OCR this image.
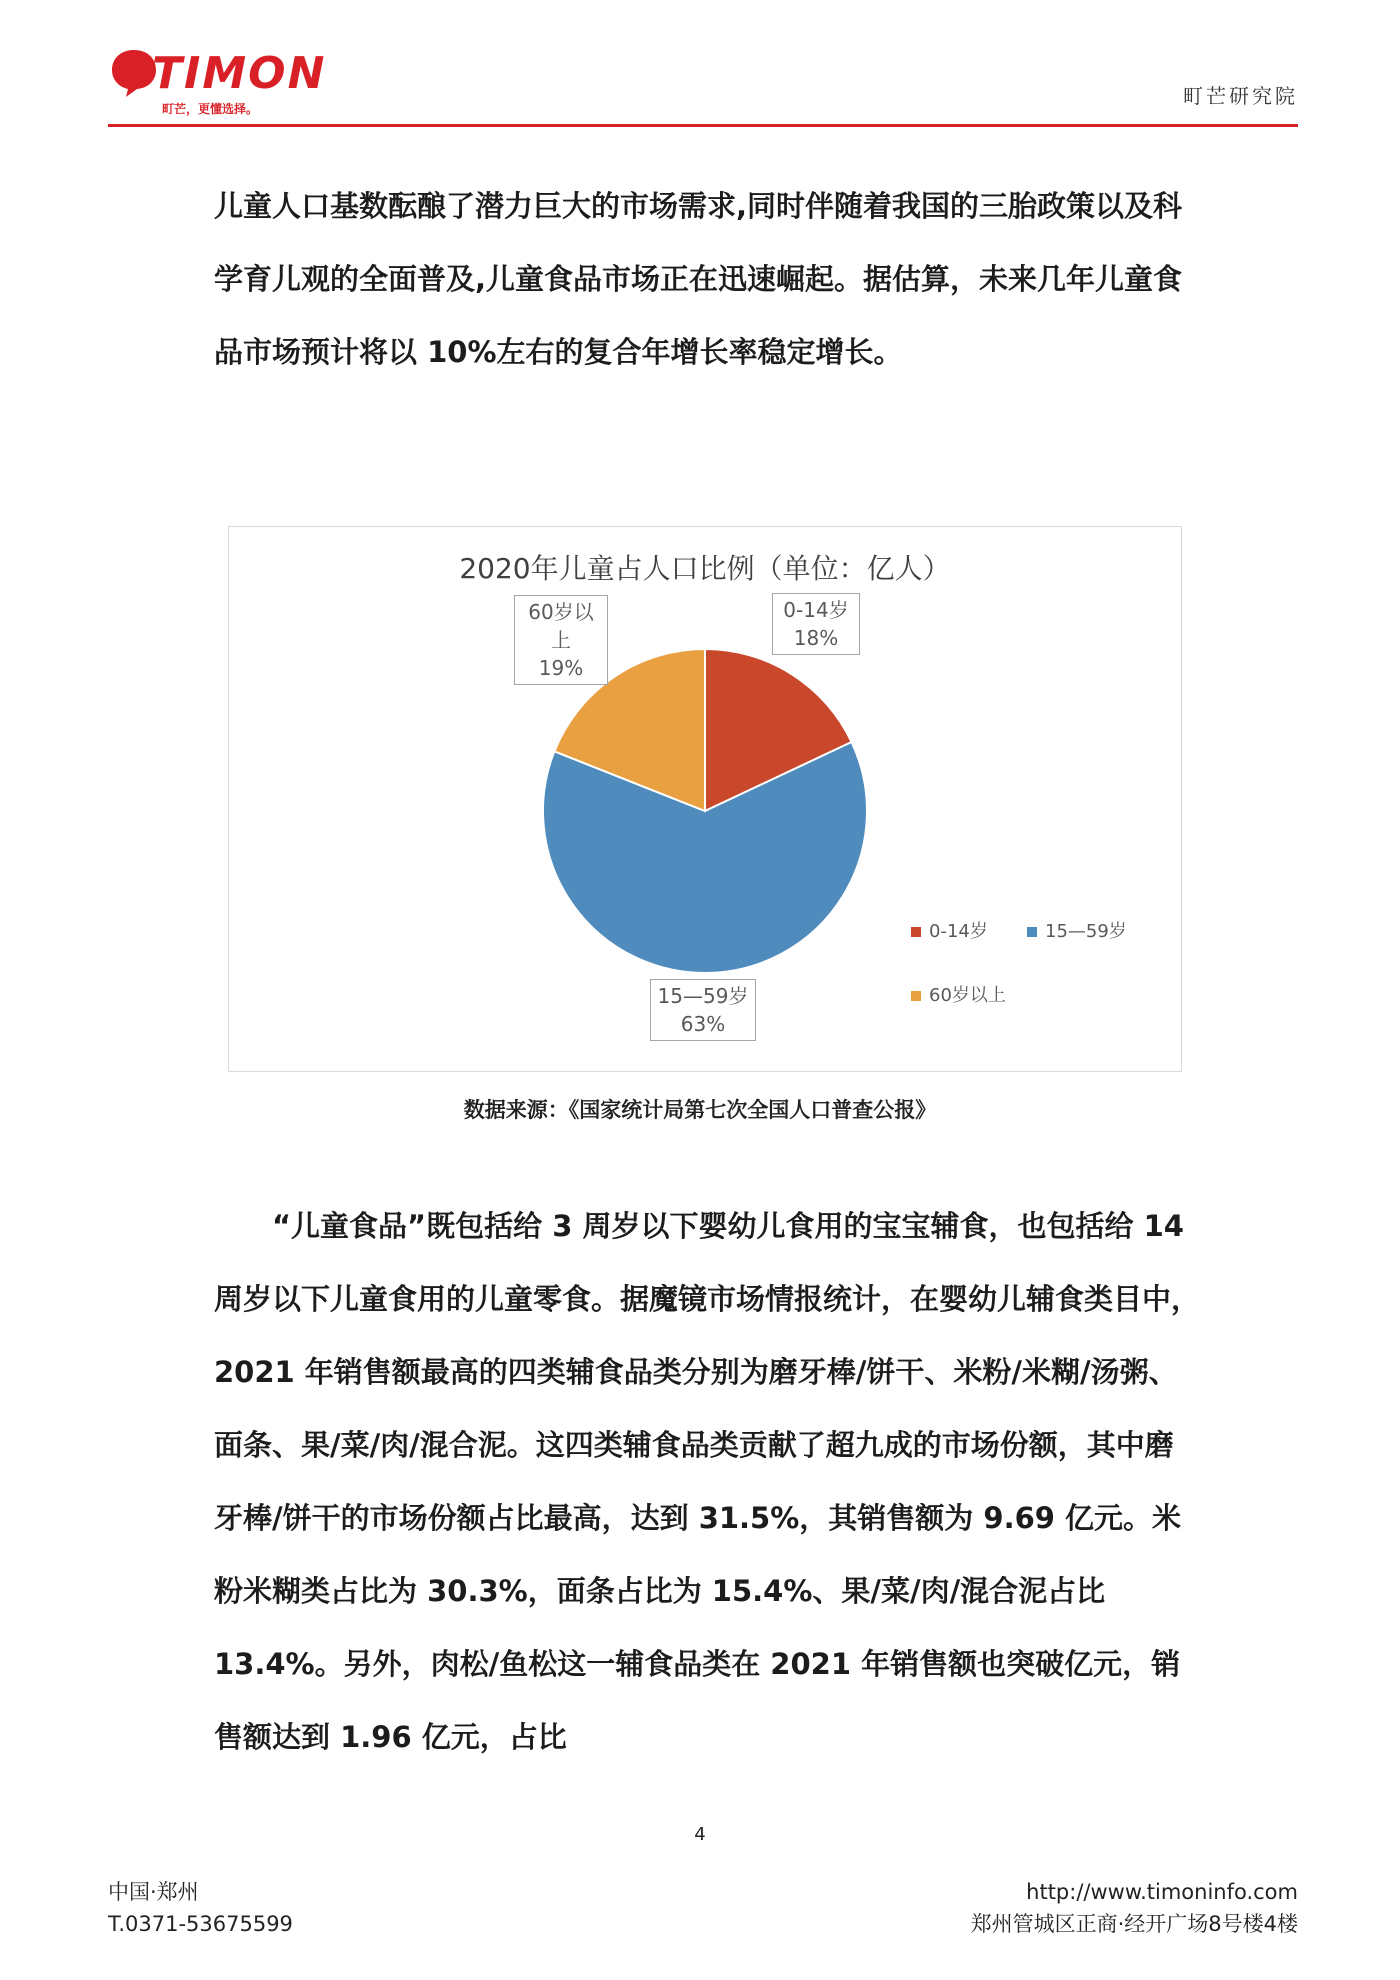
TIMON
町芒，更懂选择。
町芒研究院

儿童人口基数酝酿了潜力巨大的市场需求,同时伴随着我国的三胎政策以及科学育儿观的全面普及,儿童食品市场正在迅速崛起。据估算，未来几年儿童食品市场预计将以 10%左右的复合年增长率稳定增长。

2020年儿童占人口比例（单位：亿人）
60岁以上
19%
0-14岁
18%
15—59岁
63%
0-14岁	15—59岁
60岁以上
数据来源：《国家统计局第七次全国人口普查公报》

“儿童食品”既包括给 3 周岁以下婴幼儿食用的宝宝辅食，也包括给 14 周岁以下儿童食用的儿童零食。据魔镜市场情报统计，在婴幼儿辅食类目中，2021 年销售额最高的四类辅食品类分别为磨牙棒/饼干、米粉/米糊/汤粥、面条、果/菜/肉/混合泥。这四类辅食品类贡献了超九成的市场份额，其中磨牙棒/饼干的市场份额占比最高，达到 31.5%，其销售额为 9.69 亿元。米粉米糊类占比为 30.3%，面条占比为 15.4%、果/菜/肉/混合泥占比 13.4%。另外，肉松/鱼松这一辅食品类在 2021 年销售额也突破亿元，销售额达到 1.96 亿元，占比

4
中国·郑州
T.0371-53675599
http://www.timoninfo.com
郑州管城区正商·经开广场8号楼4楼
